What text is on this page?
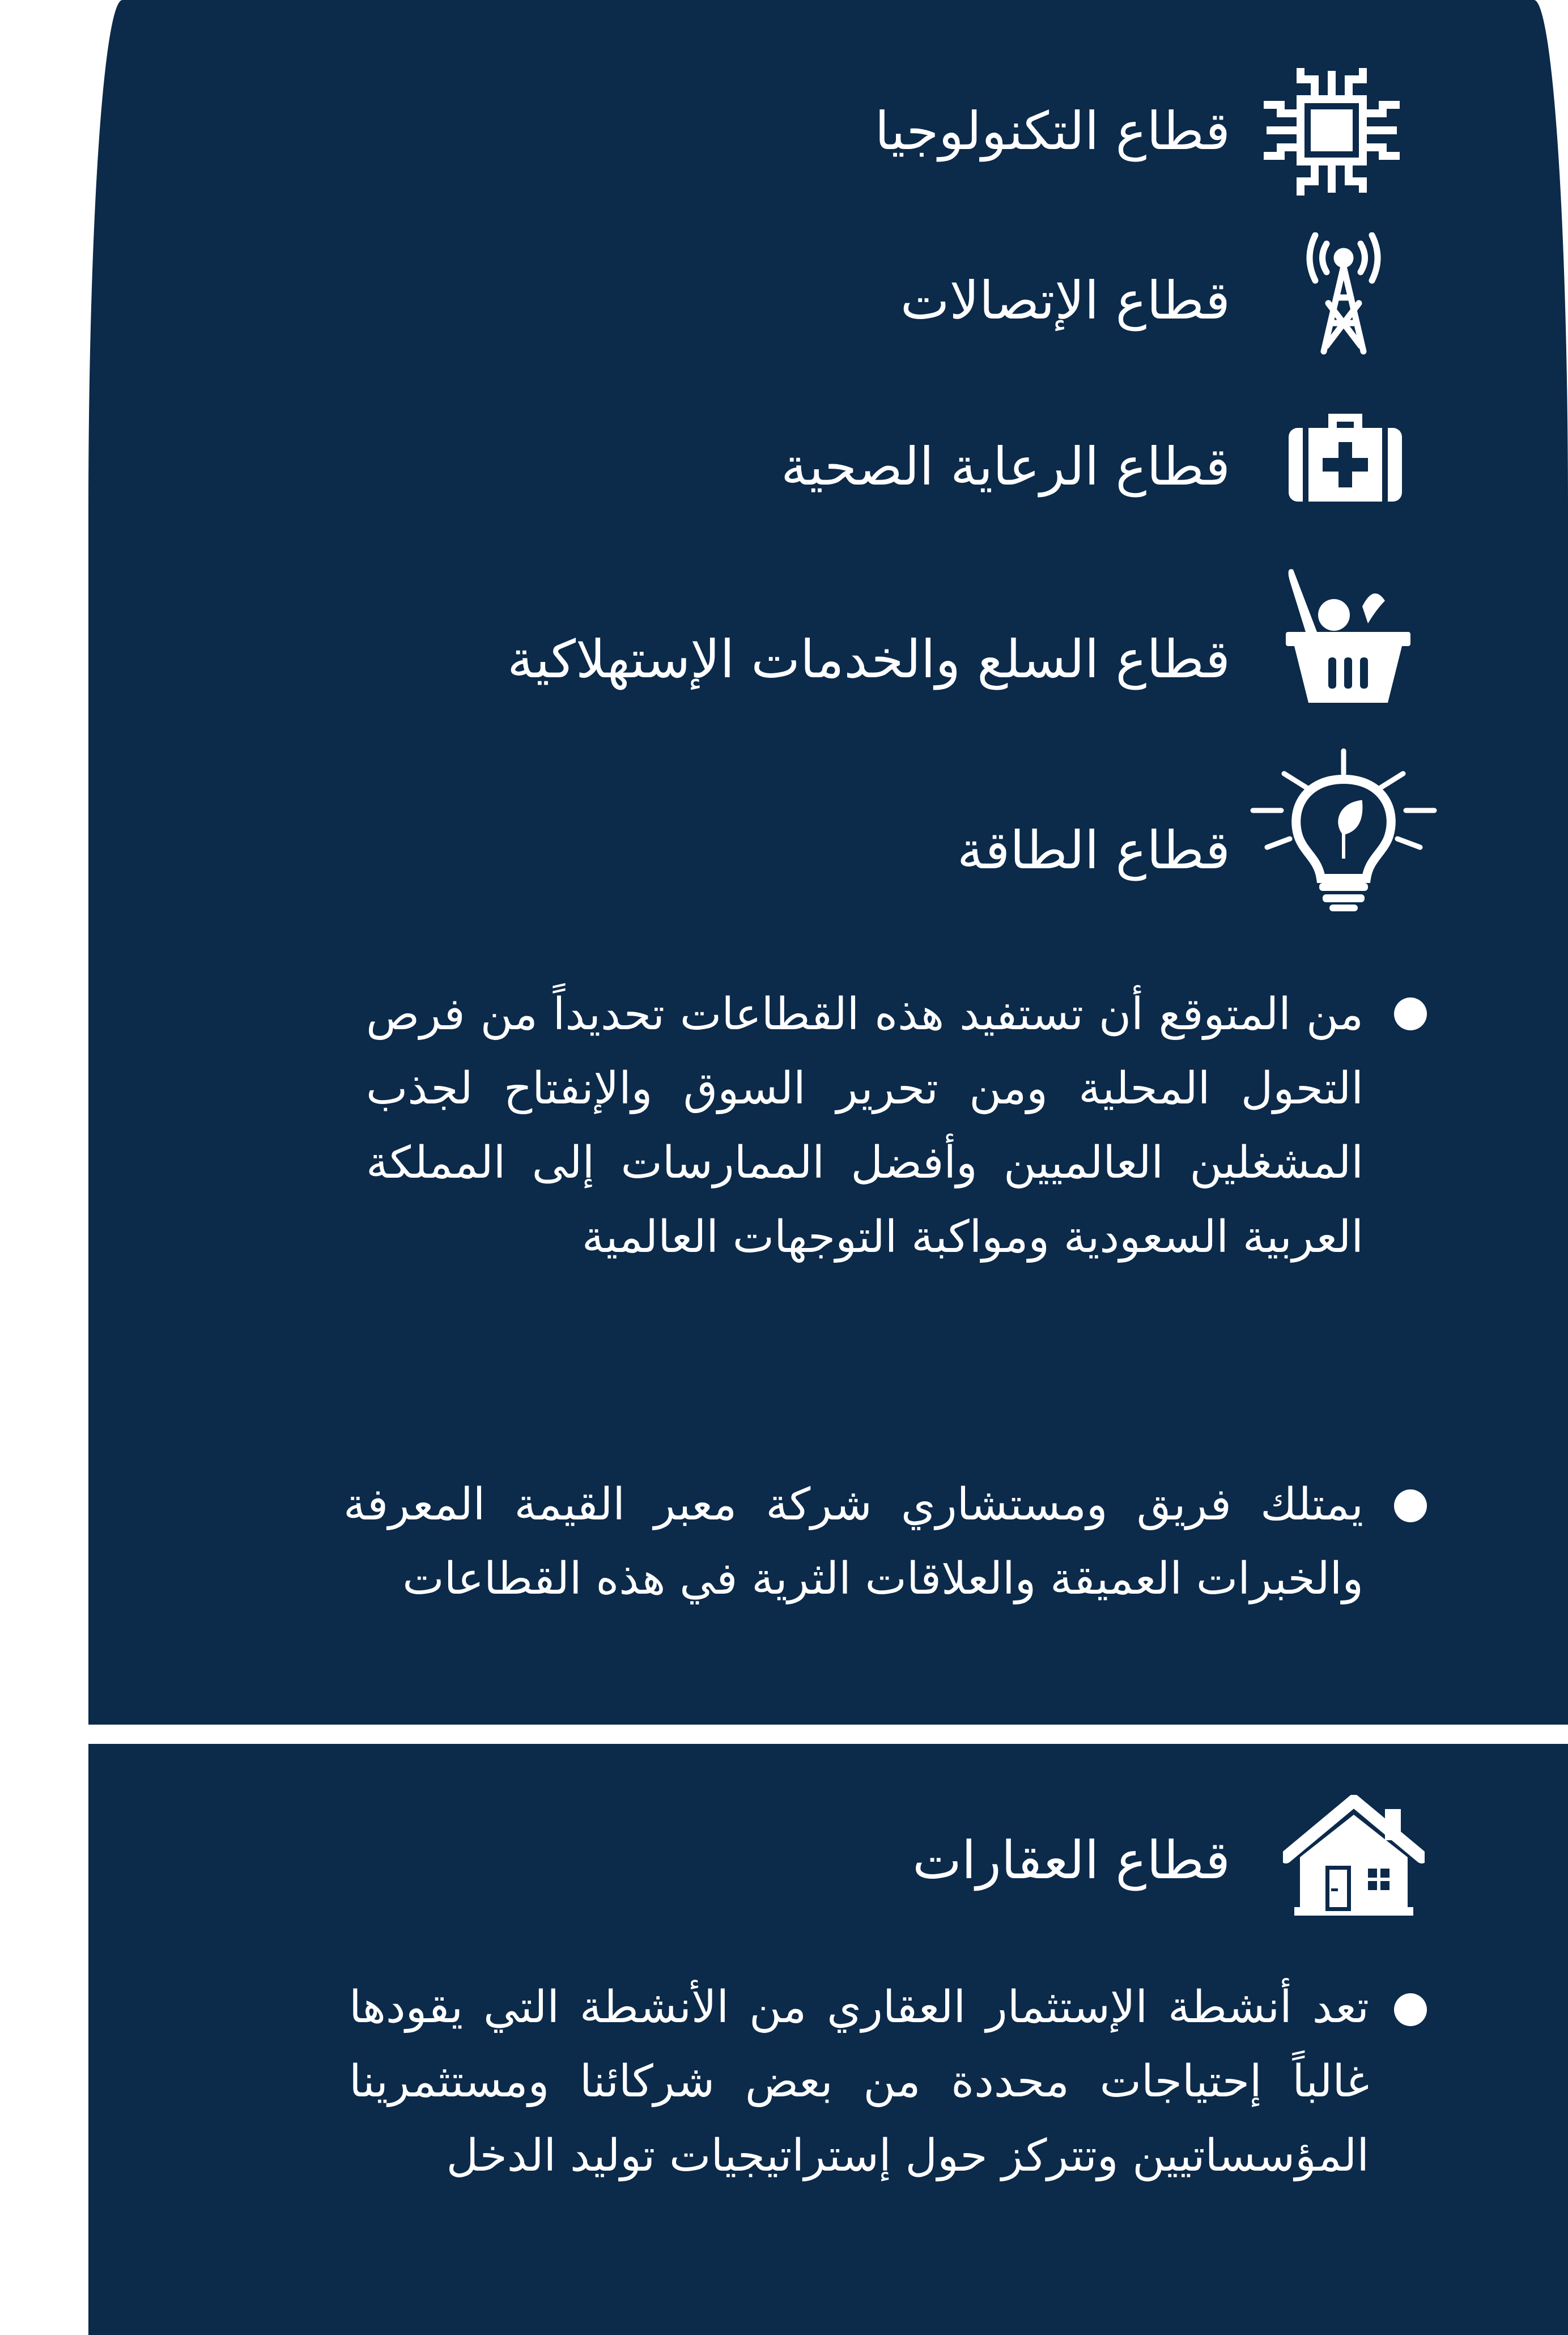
قطاع التكنولوجيا
قطاع الإتصالات
قطاع الرعاية الصحية
قطاع السلع والخدمات الإستهلاكية
قطاع الطاقة
من المتوقع أن تستفيد هذه القطاعات تحديداً من فرص التحول المحلية ومن تحرير السوق والإنفتاح لجذب المشغلين العالميين وأفضل الممارسات إلى المملكة العربية السعودية ومواكبة التوجهات العالمية
يمتلك فريق ومستشاري شركة معبر القيمة المعرفة والخبرات العميقة والعلاقات الثرية في هذه القطاعات
قطاع العقارات
تعد أنشطة الإستثمار العقاري من الأنشطة التي يقودها غالباً إحتياجات محددة من بعض شركائنا ومستثمرينا المؤسساتيين وتتركز حول إستراتيجيات توليد الدخل
